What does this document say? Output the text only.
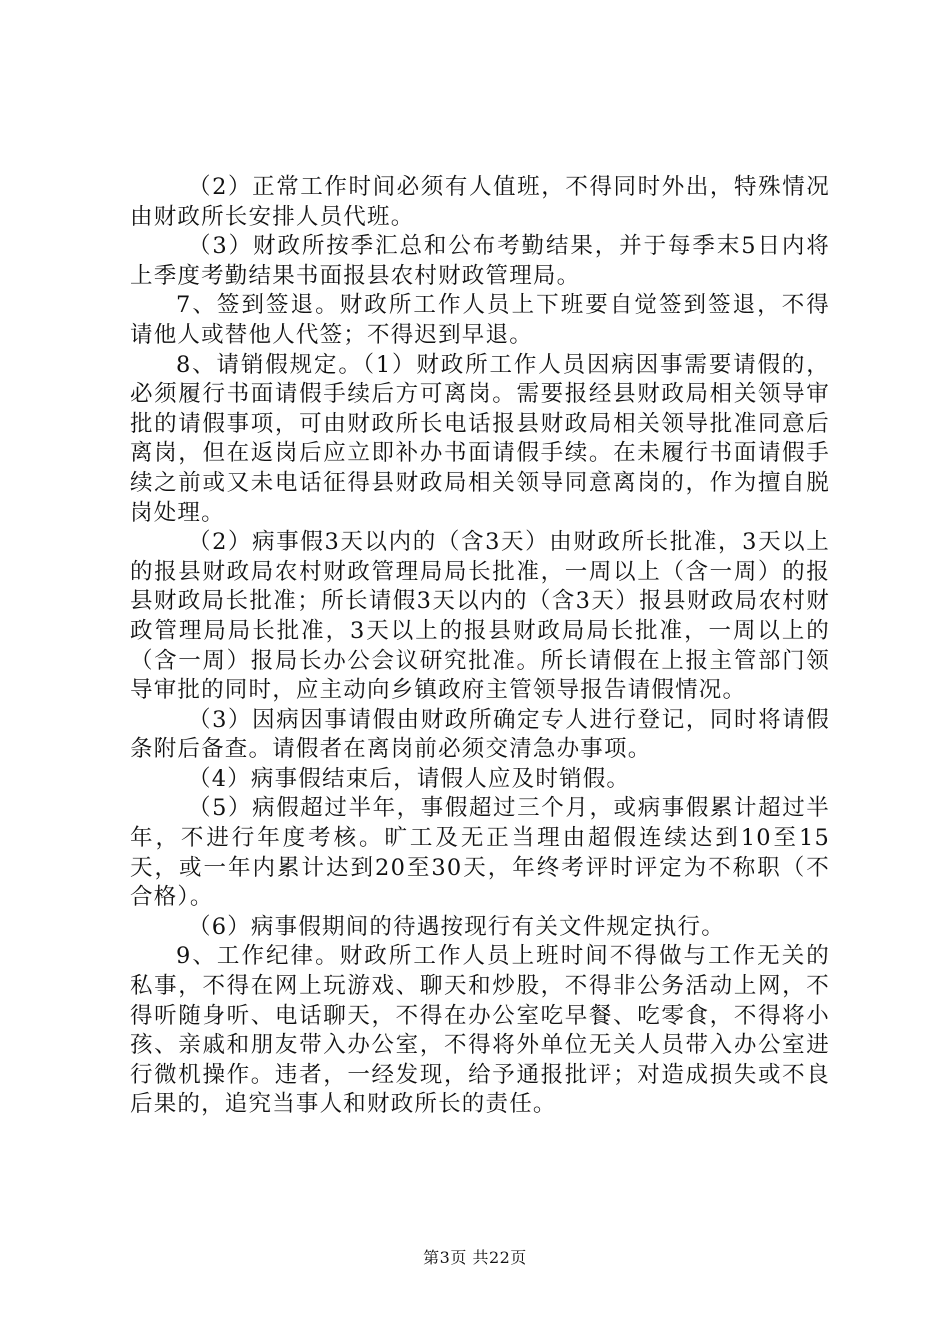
（2）正常工作时间必须有人值班，不得同时外出，特殊情况由财政所长安排人员代班。

（3）财政所按季汇总和公布考勤结果，并于每季末5日内将上季度考勤结果书面报县农村财政管理局。

7、签到签退。财政所工作人员上下班要自觉签到签退，不得请他人或替他人代签；不得迟到早退。

8、请销假规定。（1）财政所工作人员因病因事需要请假的，必须履行书面请假手续后方可离岗。需要报经县财政局相关领导审批的请假事项，可由财政所长电话报县财政局相关领导批准同意后离岗，但在返岗后应立即补办书面请假手续。在未履行书面请假手续之前或又未电话征得县财政局相关领导同意离岗的，作为擅自脱岗处理。

（2）病事假3天以内的（含3天）由财政所长批准，3天以上的报县财政局农村财政管理局局长批准，一周以上（含一周）的报县财政局长批准；所长请假3天以内的（含3天）报县财政局农村财政管理局局长批准，3天以上的报县财政局局长批准，一周以上的（含一周）报局长办公会议研究批准。所长请假在上报主管部门领导审批的同时，应主动向乡镇政府主管领导报告请假情况。

（3）因病因事请假由财政所确定专人进行登记，同时将请假条附后备查。请假者在离岗前必须交清急办事项。

（4）病事假结束后，请假人应及时销假。

（5）病假超过半年，事假超过三个月，或病事假累计超过半年，不进行年度考核。旷工及无正当理由超假连续达到10至15天，或一年内累计达到20至30天，年终考评时评定为不称职（不合格）。

（6）病事假期间的待遇按现行有关文件规定执行。

9、工作纪律。财政所工作人员上班时间不得做与工作无关的私事，不得在网上玩游戏、聊天和炒股，不得非公务活动上网，不得听随身听、电话聊天，不得在办公室吃早餐、吃零食，不得将小孩、亲戚和朋友带入办公室，不得将外单位无关人员带入办公室进行微机操作。违者，一经发现，给予通报批评；对造成损失或不良后果的，追究当事人和财政所长的责任。

第3页 共22页
